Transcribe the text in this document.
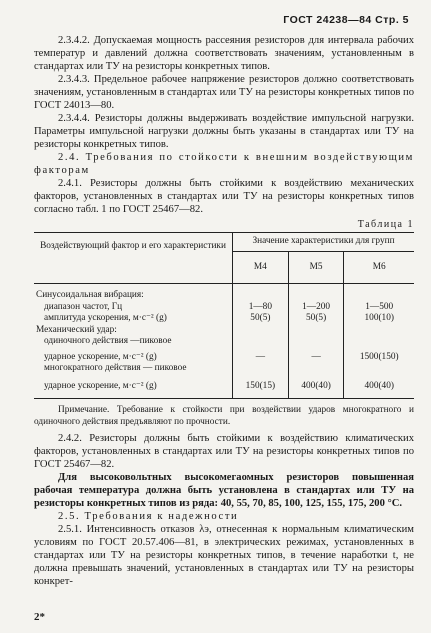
ГОСТ 24238—84 Стр. 5

2.3.4.2. Допускаемая мощность рассеяния резисторов для интервала рабочих температур и давлений должна соответствовать значениям, установленным в стандартах или ТУ на резисторы конкретных типов.

2.3.4.3. Предельное рабочее напряжение резисторов должно соответствовать значениям, установленным в стандартах или ТУ на резисторы конкретных типов по ГОСТ 24013—80.

2.3.4.4. Резисторы должны выдерживать воздействие импульсной нагрузки. Параметры импульсной нагрузки должны быть указаны в стандартах или ТУ на резисторы конкретных типов.

2.4. Требования по стойкости к внешним воздействующим факторам

2.4.1. Резисторы должны быть стойкими к воздействию механических факторов, установленных в стандартах или ТУ на резисторы конкретных типов согласно табл. 1 по ГОСТ 25467—82.

Таблица 1
Воздействующий фактор и его характеристики	Значение характеристики для групп		
	М4	М5	М6
Синусоидальная вибрация:			
диапазон частот, Гц	1—80	1—200	1—500
амплитуда ускорения, м·с⁻² (g)	50(5)	50(5)	100(10)
Механический удар:			
одиночного действия —пиковое			
ударное ускорение, м·с⁻² (g)	—	—	1500(150)
многократного действия — пиковое			
ударное ускорение, м·с⁻² (g)	150(15)	400(40)	400(40)
Примечание. Требование к стойкости при воздействии ударов многократного и одиночного действия предъявляют по прочности.

2.4.2. Резисторы должны быть стойкими к воздействию климатических факторов, установленных в стандартах или ТУ на резисторы конкретных типов по ГОСТ 25467—82.

Для высоковольтных высокомегаомных резисторов повышенная рабочая температура должна быть установлена в стандартах или ТУ на резисторы конкретных типов из ряда: 40, 55, 70, 85, 100, 125, 155, 175, 200 °С.

2.5. Требования к надежности

2.5.1. Интенсивность отказов λэ, отнесенная к нормальным климатическим условиям по ГОСТ 20.57.406—81, в электрических режимах, установленных в стандартах или ТУ на резисторы конкретных типов, в течение наработки t, не должна превышать значений, установленных в стандартах или ТУ на резисторы конкрет-

2*
